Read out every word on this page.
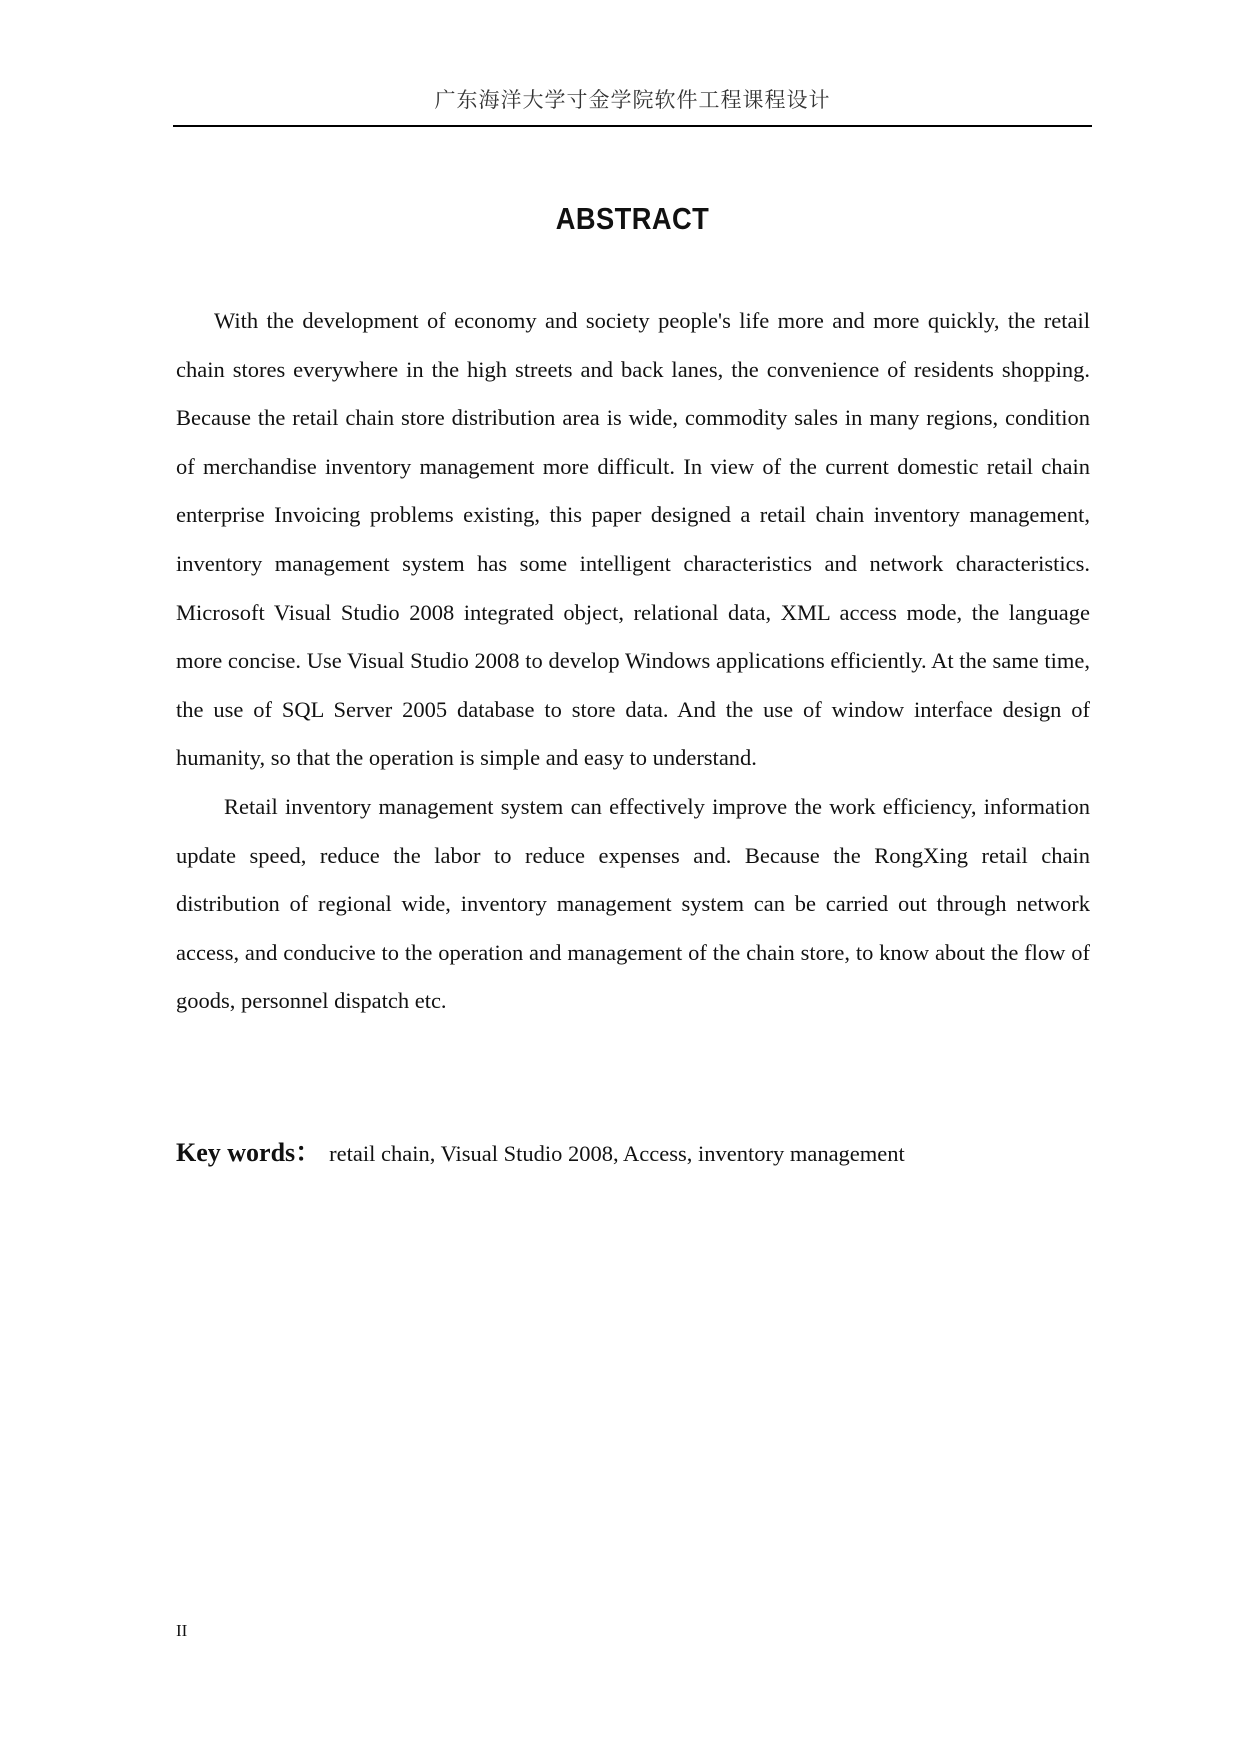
广东海洋大学寸金学院软件工程课程设计
ABSTRACT

With the development of economy and society people's life more and more quickly, the retail chain stores everywhere in the high streets and back lanes, the convenience of residents shopping. Because the retail chain store distribution area is wide, commodity sales in many regions, condition of merchandise inventory management more difficult. In view of the current domestic retail chain enterprise Invoicing problems existing, this paper designed a retail chain inventory management, inventory management system has some intelligent characteristics and network characteristics. Microsoft Visual Studio 2008 integrated object, relational data, XML access mode, the language more concise. Use Visual Studio 2008 to develop Windows applications efficiently. At the same time, the use of SQL Server 2005 database to store data. And the use of window interface design of humanity, so that the operation is simple and easy to understand.

Retail inventory management system can effectively improve the work efficiency, information update speed, reduce the labor to reduce expenses and. Because the RongXing retail chain distribution of regional wide, inventory management system can be carried out through network access, and conducive to the operation and management of the chain store, to know about the flow of goods, personnel dispatch etc.

Key words： retail chain, Visual Studio 2008, Access, inventory management
II
